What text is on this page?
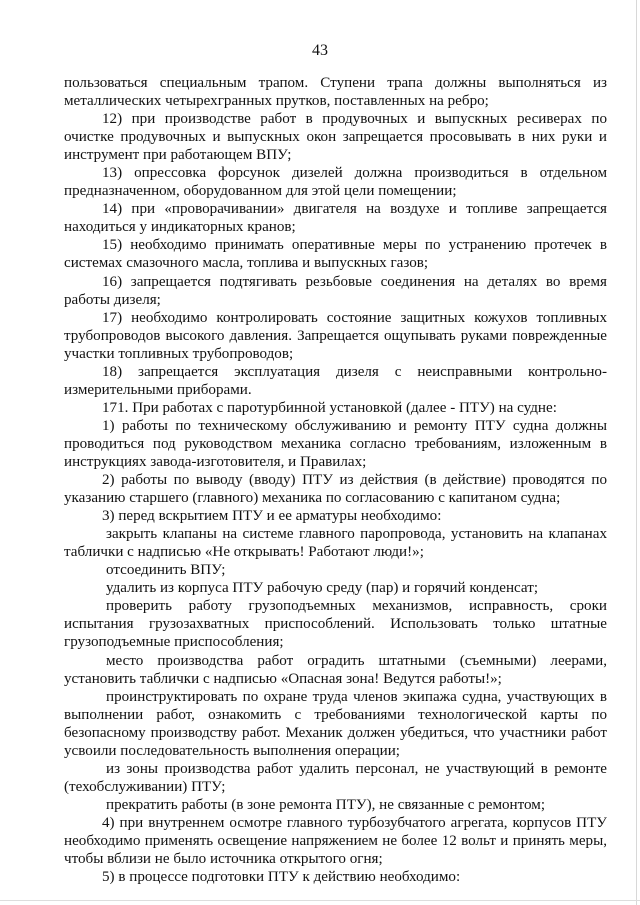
43

пользоваться специальным трапом. Ступени трапа должны выполняться из металлических четырехгранных прутков, поставленных на ребро;

12) при производстве работ в продувочных и выпускных ресиверах по очистке продувочных и выпускных окон запрещается просовывать в них руки и инструмент при работающем ВПУ;

13) опрессовка форсунок дизелей должна производиться в отдельном предназначенном, оборудованном для этой цели помещении;

14) при «проворачивании» двигателя на воздухе и топливе запрещается находиться у индикаторных кранов;

15) необходимо принимать оперативные меры по устранению протечек в системах смазочного масла, топлива и выпускных газов;

16) запрещается подтягивать резьбовые соединения на деталях во время работы дизеля;

17) необходимо контролировать состояние защитных кожухов топливных трубопроводов высокого давления. Запрещается ощупывать руками поврежденные участки топливных трубопроводов;

18) запрещается эксплуатация дизеля с неисправными контрольно-измерительными приборами.

171. При работах с паротурбинной установкой (далее - ПТУ) на судне:

1) работы по техническому обслуживанию и ремонту ПТУ судна должны проводиться под руководством механика согласно требованиям, изложенным в инструкциях завода-изготовителя, и Правилах;

2) работы по выводу (вводу) ПТУ из действия (в действие) проводятся по указанию старшего (главного) механика по согласованию с капитаном судна;

3) перед вскрытием ПТУ и ее арматуры необходимо:

закрыть клапаны на системе главного паропровода, установить на клапанах таблички с надписью «Не открывать! Работают люди!»;

отсоединить ВПУ;

удалить из корпуса ПТУ рабочую среду (пар) и горячий конденсат;

проверить работу грузоподъемных механизмов, исправность, сроки испытания грузозахватных приспособлений. Использовать только штатные грузоподъемные приспособления;

место производства работ оградить штатными (съемными) леерами, установить таблички с надписью «Опасная зона! Ведутся работы!»;

проинструктировать по охране труда членов экипажа судна, участвующих в выполнении работ, ознакомить с требованиями технологической карты по безопасному производству работ. Механик должен убедиться, что участники работ усвоили последовательность выполнения операции;

из зоны производства работ удалить персонал, не участвующий в ремонте (техобслуживании) ПТУ;

прекратить работы (в зоне ремонта ПТУ), не связанные с ремонтом;

4) при внутреннем осмотре главного турбозубчатого агрегата, корпусов ПТУ необходимо применять освещение напряжением не более 12 вольт и принять меры, чтобы вблизи не было источника открытого огня;

5) в процессе подготовки ПТУ к действию необходимо:
